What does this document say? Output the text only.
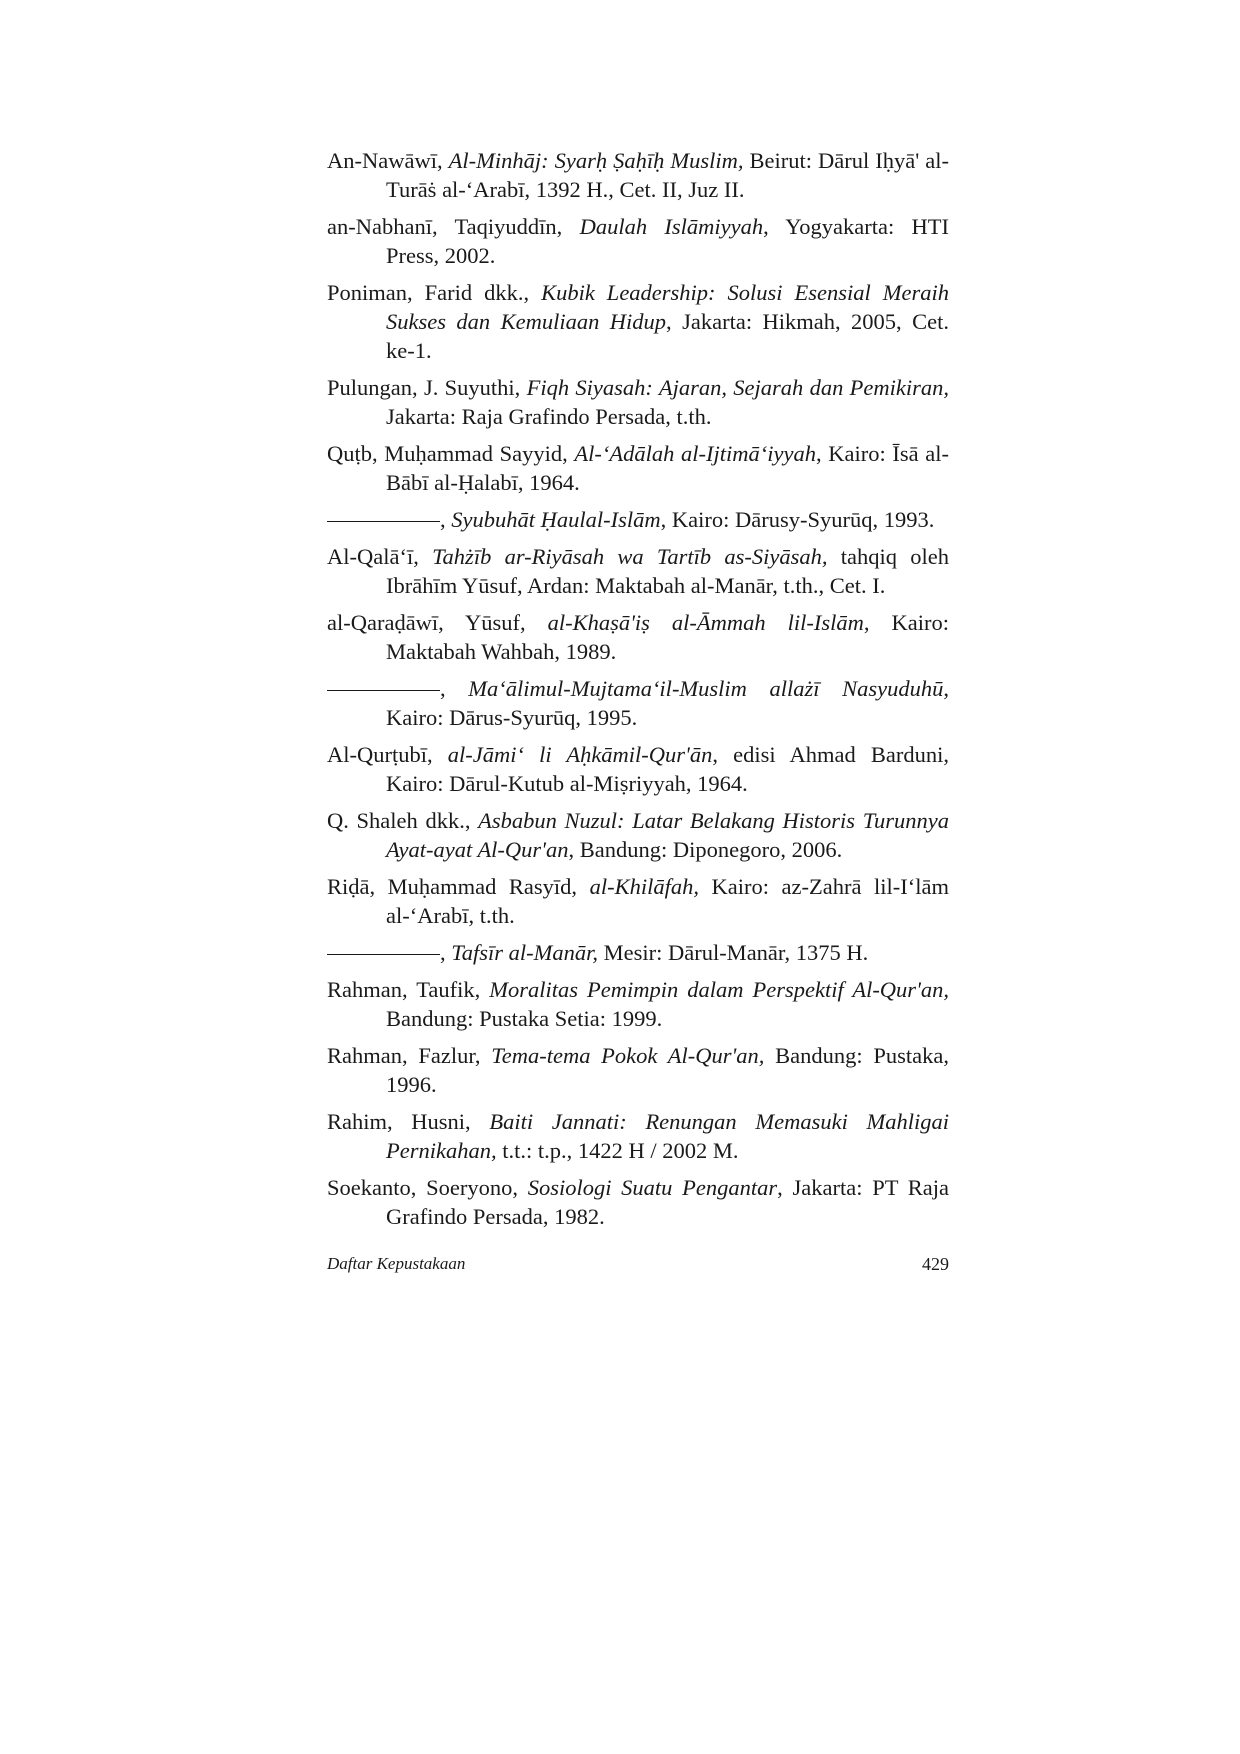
An-Nawāwī, Al-Minhāj: Syarḥ Ṣaḥīḥ Muslim, Beirut: Dārul Iḥyā' al-Turāṡ al-‘Arabī, 1392 H., Cet. II, Juz II.

an-Nabhanī, Taqiyuddīn, Daulah Islāmiyyah, Yogyakarta: HTI Press, 2002.

Poniman, Farid dkk., Kubik Leadership: Solusi Esensial Meraih Sukses dan Kemuliaan Hidup, Jakarta: Hikmah, 2005, Cet. ke-1.

Pulungan, J. Suyuthi, Fiqh Siyasah: Ajaran, Sejarah dan Pemikiran, Jakarta: Raja Grafindo Persada, t.th.

Quṭb, Muḥammad Sayyid, Al-‘Adālah al-Ijtimā‘iyyah, Kairo: Īsā al-Bābī al-Ḥalabī, 1964.

, Syubuhāt Ḥaulal-Islām, Kairo: Dārusy-Syurūq, 1993.

Al-Qalā‘ī, Tahżīb ar-Riyāsah wa Tartīb as-Siyāsah, tahqiq oleh Ibrāhīm Yūsuf, Ardan: Maktabah al-Manār, t.th., Cet. I.

al-Qaraḍāwī, Yūsuf, al-Khaṣā'iṣ al-Āmmah lil-Islām, Kairo: Maktabah Wahbah, 1989.

, Ma‘ālimul-Mujtama‘il-Muslim allażī Nasyuduhū, Kairo: Dārus-Syurūq, 1995.

Al-Qurṭubī, al-Jāmi‘ li Aḥkāmil-Qur'ān, edisi Ahmad Barduni, Kairo: Dārul-Kutub al-Miṣriyyah, 1964.

Q. Shaleh dkk., Asbabun Nuzul: Latar Belakang Historis Turunnya Ayat-ayat Al-Qur'an, Bandung: Diponegoro, 2006.

Riḍā, Muḥammad Rasyīd, al-Khilāfah, Kairo: az-Zahrā lil-I‘lām al-‘Arabī, t.th.

, Tafsīr al-Manār, Mesir: Dārul-Manār, 1375 H.

Rahman, Taufik, Moralitas Pemimpin dalam Perspektif Al-Qur'an, Bandung: Pustaka Setia: 1999.

Rahman, Fazlur, Tema-tema Pokok Al-Qur'an, Bandung: Pustaka, 1996.

Rahim, Husni, Baiti Jannati: Renungan Memasuki Mahligai Pernikahan, t.t.: t.p., 1422 H / 2002 M.

Soekanto, Soeryono, Sosiologi Suatu Pengantar, Jakarta: PT Raja Grafindo Persada, 1982.

Daftar Kepustakaan	429
